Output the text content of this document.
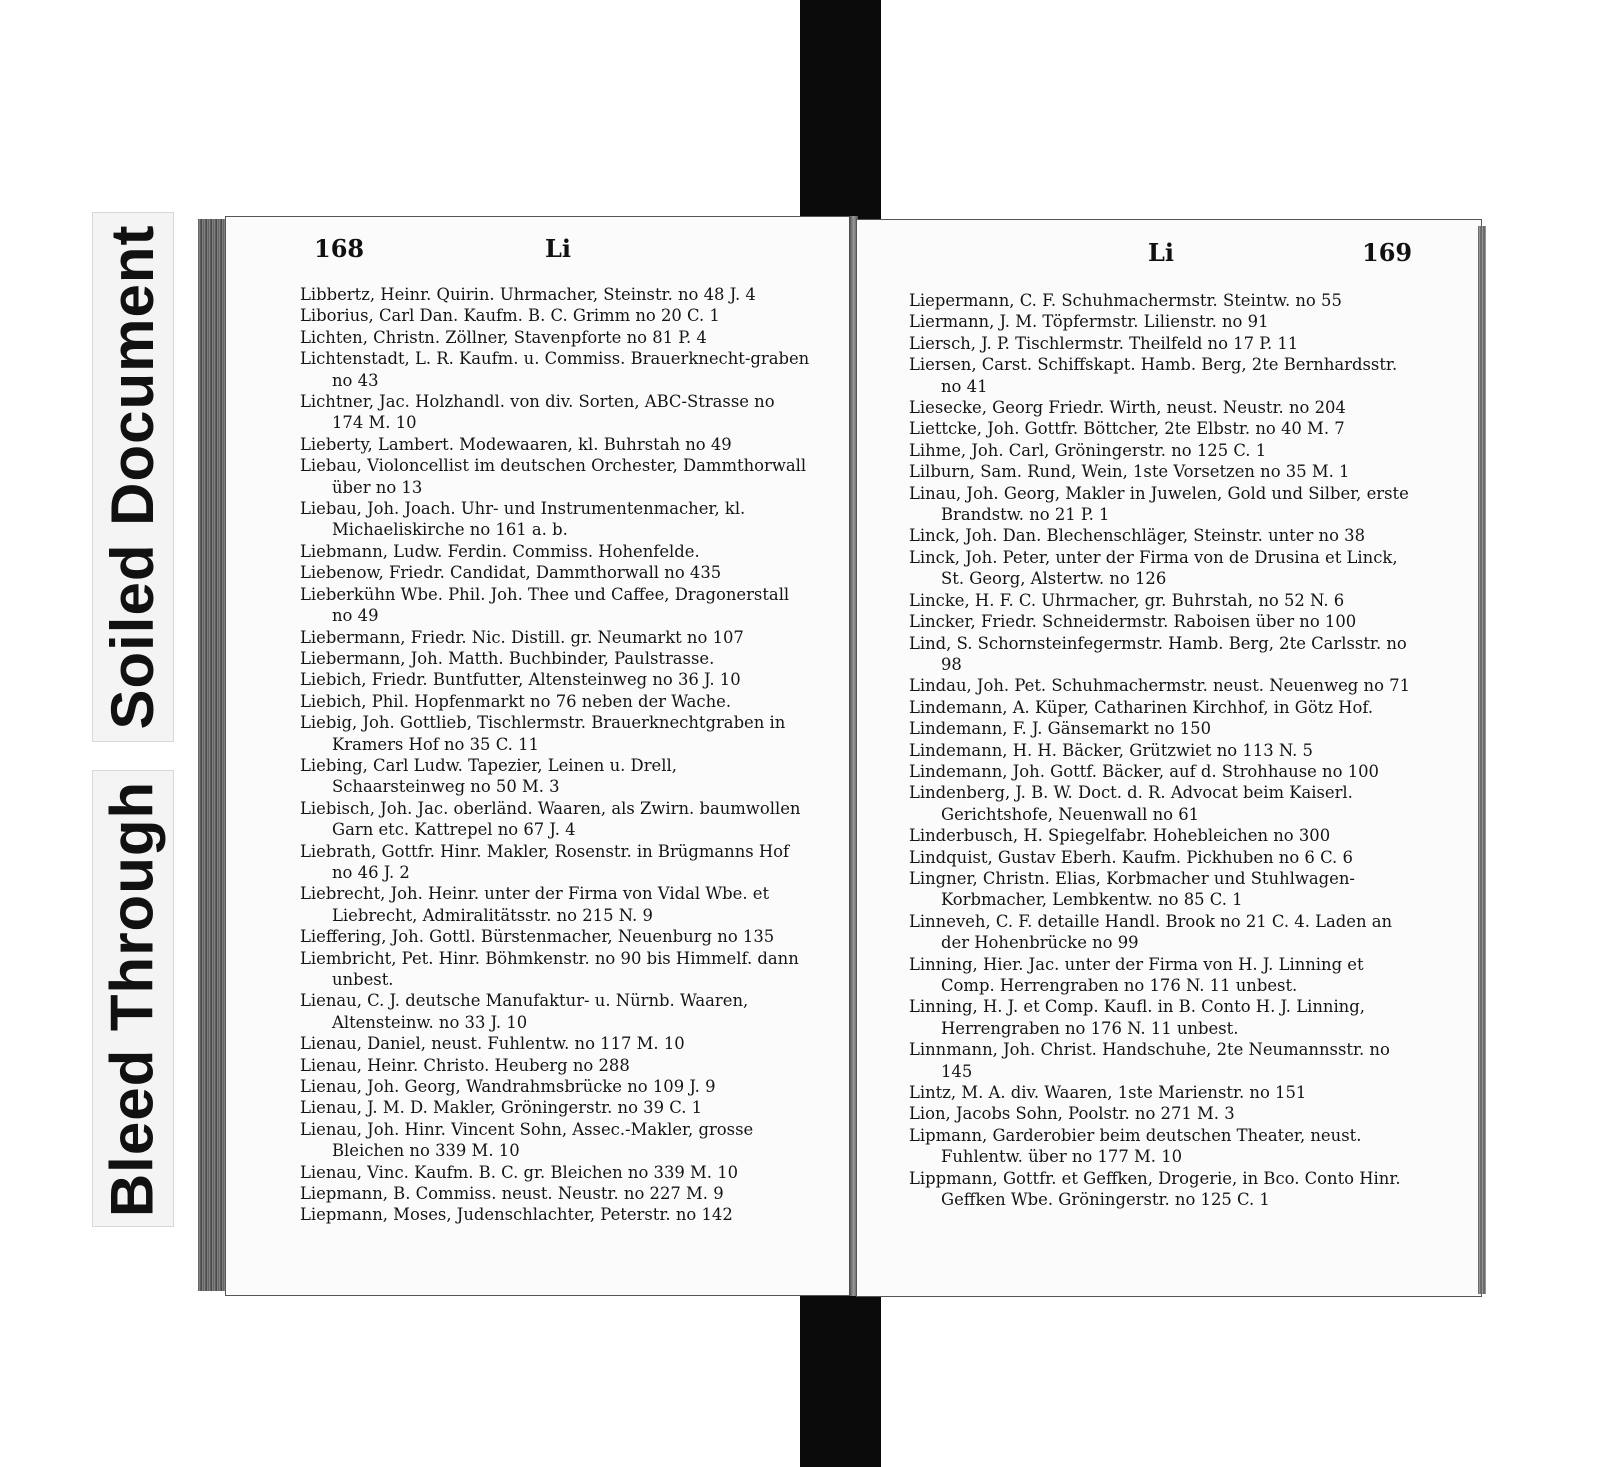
Soiled Document
Bleed Through
168	Li	Li	169

Libbertz, Heinr. Quirin. Uhrmacher, Steinstr. no 48 J. 4

Liborius, Carl Dan. Kaufm. B. C. Grimm no 20 C. 1

Lichten, Christn. Zöllner, Stavenpforte no 81 P. 4

Lichtenstadt, L. R. Kaufm. u. Commiss. Brauerknecht-graben no 43

Lichtner, Jac. Holzhandl. von div. Sorten, ABC-Strasse no 174 M. 10

Lieberty, Lambert. Modewaaren, kl. Buhrstah no 49

Liebau, Violoncellist im deutschen Orchester, Dammthorwall über no 13

Liebau, Joh. Joach. Uhr- und Instrumentenmacher, kl. Michaeliskirche no 161 a. b.

Liebmann, Ludw. Ferdin. Commiss. Hohenfelde.

Liebenow, Friedr. Candidat, Dammthorwall no 435

Lieberkühn Wbe. Phil. Joh. Thee und Caffee, Dragonerstall no 49

Liebermann, Friedr. Nic. Distill. gr. Neumarkt no 107

Liebermann, Joh. Matth. Buchbinder, Paulstrasse.

Liebich, Friedr. Buntfutter, Altensteinweg no 36 J. 10

Liebich, Phil. Hopfenmarkt no 76 neben der Wache.

Liebig, Joh. Gottlieb, Tischlermstr. Brauerknechtgraben in Kramers Hof no 35 C. 11

Liebing, Carl Ludw. Tapezier, Leinen u. Drell, Schaarsteinweg no 50 M. 3

Liebisch, Joh. Jac. oberländ. Waaren, als Zwirn. baumwollen Garn etc. Kattrepel no 67 J. 4

Liebrath, Gottfr. Hinr. Makler, Rosenstr. in Brügmanns Hof no 46 J. 2

Liebrecht, Joh. Heinr. unter der Firma von Vidal Wbe. et Liebrecht, Admiralitätsstr. no 215 N. 9

Lieffering, Joh. Gottl. Bürstenmacher, Neuenburg no 135

Liembricht, Pet. Hinr. Böhmkenstr. no 90 bis Himmelf. dann unbest.

Lienau, C. J. deutsche Manufaktur- u. Nürnb. Waaren, Altensteinw. no 33 J. 10

Lienau, Daniel, neust. Fuhlentw. no 117 M. 10

Lienau, Heinr. Christo. Heuberg no 288

Lienau, Joh. Georg, Wandrahmsbrücke no 109 J. 9

Lienau, J. M. D. Makler, Gröningerstr. no 39 C. 1

Lienau, Joh. Hinr. Vincent Sohn, Assec.-Makler, grosse Bleichen no 339 M. 10

Lienau, Vinc. Kaufm. B. C. gr. Bleichen no 339 M. 10

Liepmann, B. Commiss. neust. Neustr. no 227 M. 9

Liepmann, Moses, Judenschlachter, Peterstr. no 142

Liepermann, C. F. Schuhmachermstr. Steintw. no 55

Liermann, J. M. Töpfermstr. Lilienstr. no 91

Liersch, J. P. Tischlermstr. Theilfeld no 17 P. 11

Liersen, Carst. Schiffskapt. Hamb. Berg, 2te Bernhardsstr. no 41

Liesecke, Georg Friedr. Wirth, neust. Neustr. no 204

Liettcke, Joh. Gottfr. Böttcher, 2te Elbstr. no 40 M. 7

Lihme, Joh. Carl, Gröningerstr. no 125 C. 1

Lilburn, Sam. Rund, Wein, 1ste Vorsetzen no 35 M. 1

Linau, Joh. Georg, Makler in Juwelen, Gold und Silber, erste Brandstw. no 21 P. 1

Linck, Joh. Dan. Blechenschläger, Steinstr. unter no 38

Linck, Joh. Peter, unter der Firma von de Drusina et Linck, St. Georg, Alstertw. no 126

Lincke, H. F. C. Uhrmacher, gr. Buhrstah, no 52 N. 6

Lincker, Friedr. Schneidermstr. Raboisen über no 100

Lind, S. Schornsteinfegermstr. Hamb. Berg, 2te Carlsstr. no 98

Lindau, Joh. Pet. Schuhmachermstr. neust. Neuenweg no 71

Lindemann, A. Küper, Catharinen Kirchhof, in Götz Hof.

Lindemann, F. J. Gänsemarkt no 150

Lindemann, H. H. Bäcker, Grützwiet no 113 N. 5

Lindemann, Joh. Gottf. Bäcker, auf d. Strohhause no 100

Lindenberg, J. B. W. Doct. d. R. Advocat beim Kaiserl. Gerichtshofe, Neuenwall no 61

Linderbusch, H. Spiegelfabr. Hohebleichen no 300

Lindquist, Gustav Eberh. Kaufm. Pickhuben no 6 C. 6

Lingner, Christn. Elias, Korbmacher und Stuhlwagen-Korbmacher, Lembkentw. no 85 C. 1

Linneveh, C. F. detaille Handl. Brook no 21 C. 4. Laden an der Hohenbrücke no 99

Linning, Hier. Jac. unter der Firma von H. J. Linning et Comp. Herrengraben no 176 N. 11 unbest.

Linning, H. J. et Comp. Kaufl. in B. Conto H. J. Linning, Herrengraben no 176 N. 11 unbest.

Linnmann, Joh. Christ. Handschuhe, 2te Neumannsstr. no 145

Lintz, M. A. div. Waaren, 1ste Marienstr. no 151

Lion, Jacobs Sohn, Poolstr. no 271 M. 3

Lipmann, Garderobier beim deutschen Theater, neust. Fuhlentw. über no 177 M. 10

Lippmann, Gottfr. et Geffken, Drogerie, in Bco. Conto Hinr. Geffken Wbe. Gröningerstr. no 125 C. 1
